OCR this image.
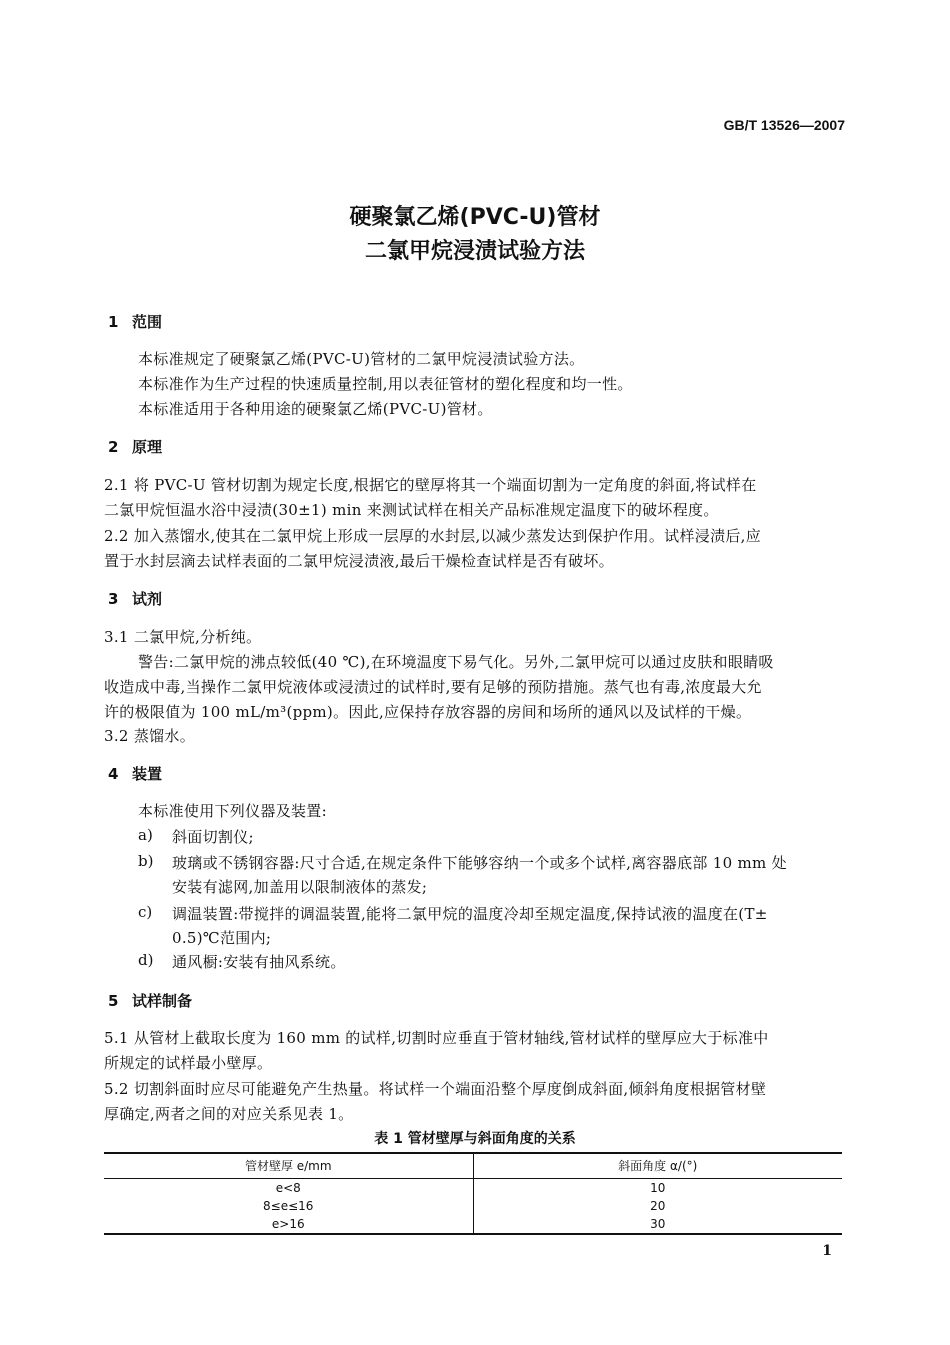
GB/T 13526—2007
硬聚氯乙烯(PVC-U)管材
二氯甲烷浸渍试验方法
1 范围
本标准规定了硬聚氯乙烯(PVC-U)管材的二氯甲烷浸渍试验方法。
本标准作为生产过程的快速质量控制,用以表征管材的塑化程度和均一性。
本标准适用于各种用途的硬聚氯乙烯(PVC-U)管材。
2 原理
2.1 将 PVC-U 管材切割为规定长度,根据它的壁厚将其一个端面切割为一定角度的斜面,将试样在
二氯甲烷恒温水浴中浸渍(30±1) min 来测试试样在相关产品标准规定温度下的破坏程度。
2.2 加入蒸馏水,使其在二氯甲烷上形成一层厚的水封层,以减少蒸发达到保护作用。试样浸渍后,应
置于水封层滴去试样表面的二氯甲烷浸渍液,最后干燥检查试样是否有破坏。
3 试剂
3.1 二氯甲烷,分析纯。
警告:二氯甲烷的沸点较低(40 ℃),在环境温度下易气化。另外,二氯甲烷可以通过皮肤和眼睛吸
收造成中毒,当操作二氯甲烷液体或浸渍过的试样时,要有足够的预防措施。蒸气也有毒,浓度最大允
许的极限值为 100 mL/m³(ppm)。因此,应保持存放容器的房间和场所的通风以及试样的干燥。
3.2 蒸馏水。
4 装置
本标准使用下列仪器及装置:
a) 斜面切割仪;
b) 玻璃或不锈钢容器:尺寸合适,在规定条件下能够容纳一个或多个试样,离容器底部 10 mm 处
安装有滤网,加盖用以限制液体的蒸发;
c) 调温装置:带搅拌的调温装置,能将二氯甲烷的温度冷却至规定温度,保持试液的温度在(T±
0.5)℃范围内;
d) 通风橱:安装有抽风系统。
5 试样制备
5.1 从管材上截取长度为 160 mm 的试样,切割时应垂直于管材轴线,管材试样的壁厚应大于标准中
所规定的试样最小壁厚。
5.2 切割斜面时应尽可能避免产生热量。将试样一个端面沿整个厚度倒成斜面,倾斜角度根据管材壁
厚确定,两者之间的对应关系见表 1。
表 1 管材壁厚与斜面角度的关系
管材壁厚 e/mm	斜面角度 α/(°)
e<8	10
8≤e≤16	20
e>16	30
1
